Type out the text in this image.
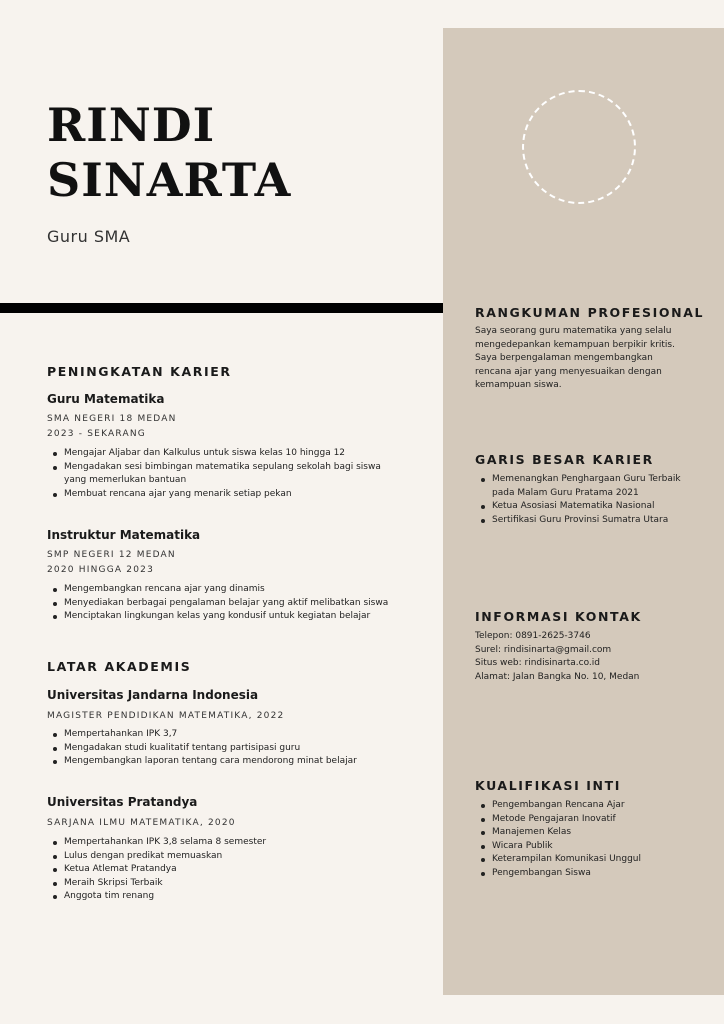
RINDI
SINARTA
Guru SMA
PENINGKATAN KARIER
Guru Matematika
SMA NEGERI 18 MEDAN
2023 - SEKARANG
Mengajar Aljabar dan Kalkulus untuk siswa kelas 10 hingga 12
Mengadakan sesi bimbingan matematika sepulang sekolah bagi siswa
yang memerlukan bantuan
Membuat rencana ajar yang menarik setiap pekan
Instruktur Matematika
SMP NEGERI 12 MEDAN
2020 HINGGA 2023
Mengembangkan rencana ajar yang dinamis
Menyediakan berbagai pengalaman belajar yang aktif melibatkan siswa
Menciptakan lingkungan kelas yang kondusif untuk kegiatan belajar
LATAR AKADEMIS
Universitas Jandarna Indonesia
MAGISTER PENDIDIKAN MATEMATIKA, 2022
Mempertahankan IPK 3,7
Mengadakan studi kualitatif tentang partisipasi guru
Mengembangkan laporan tentang cara mendorong minat belajar
Universitas Pratandya
SARJANA ILMU MATEMATIKA, 2020
Mempertahankan IPK 3,8 selama 8 semester
Lulus dengan predikat memuaskan
Ketua Atlemat Pratandya
Meraih Skripsi Terbaik
Anggota tim renang
RANGKUMAN PROFESIONAL
Saya seorang guru matematika yang selalu
mengedepankan kemampuan berpikir kritis.
Saya berpengalaman mengembangkan
rencana ajar yang menyesuaikan dengan
kemampuan siswa.
GARIS BESAR KARIER
Memenangkan Penghargaan Guru Terbaik
pada Malam Guru Pratama 2021
Ketua Asosiasi Matematika Nasional
Sertifikasi Guru Provinsi Sumatra Utara
INFORMASI KONTAK
Telepon: 0891-2625-3746
Surel: rindisinarta@gmail.com
Situs web: rindisinarta.co.id
Alamat: Jalan Bangka No. 10, Medan
KUALIFIKASI INTI
Pengembangan Rencana Ajar
Metode Pengajaran Inovatif
Manajemen Kelas
Wicara Publik
Keterampilan Komunikasi Unggul
Pengembangan Siswa
